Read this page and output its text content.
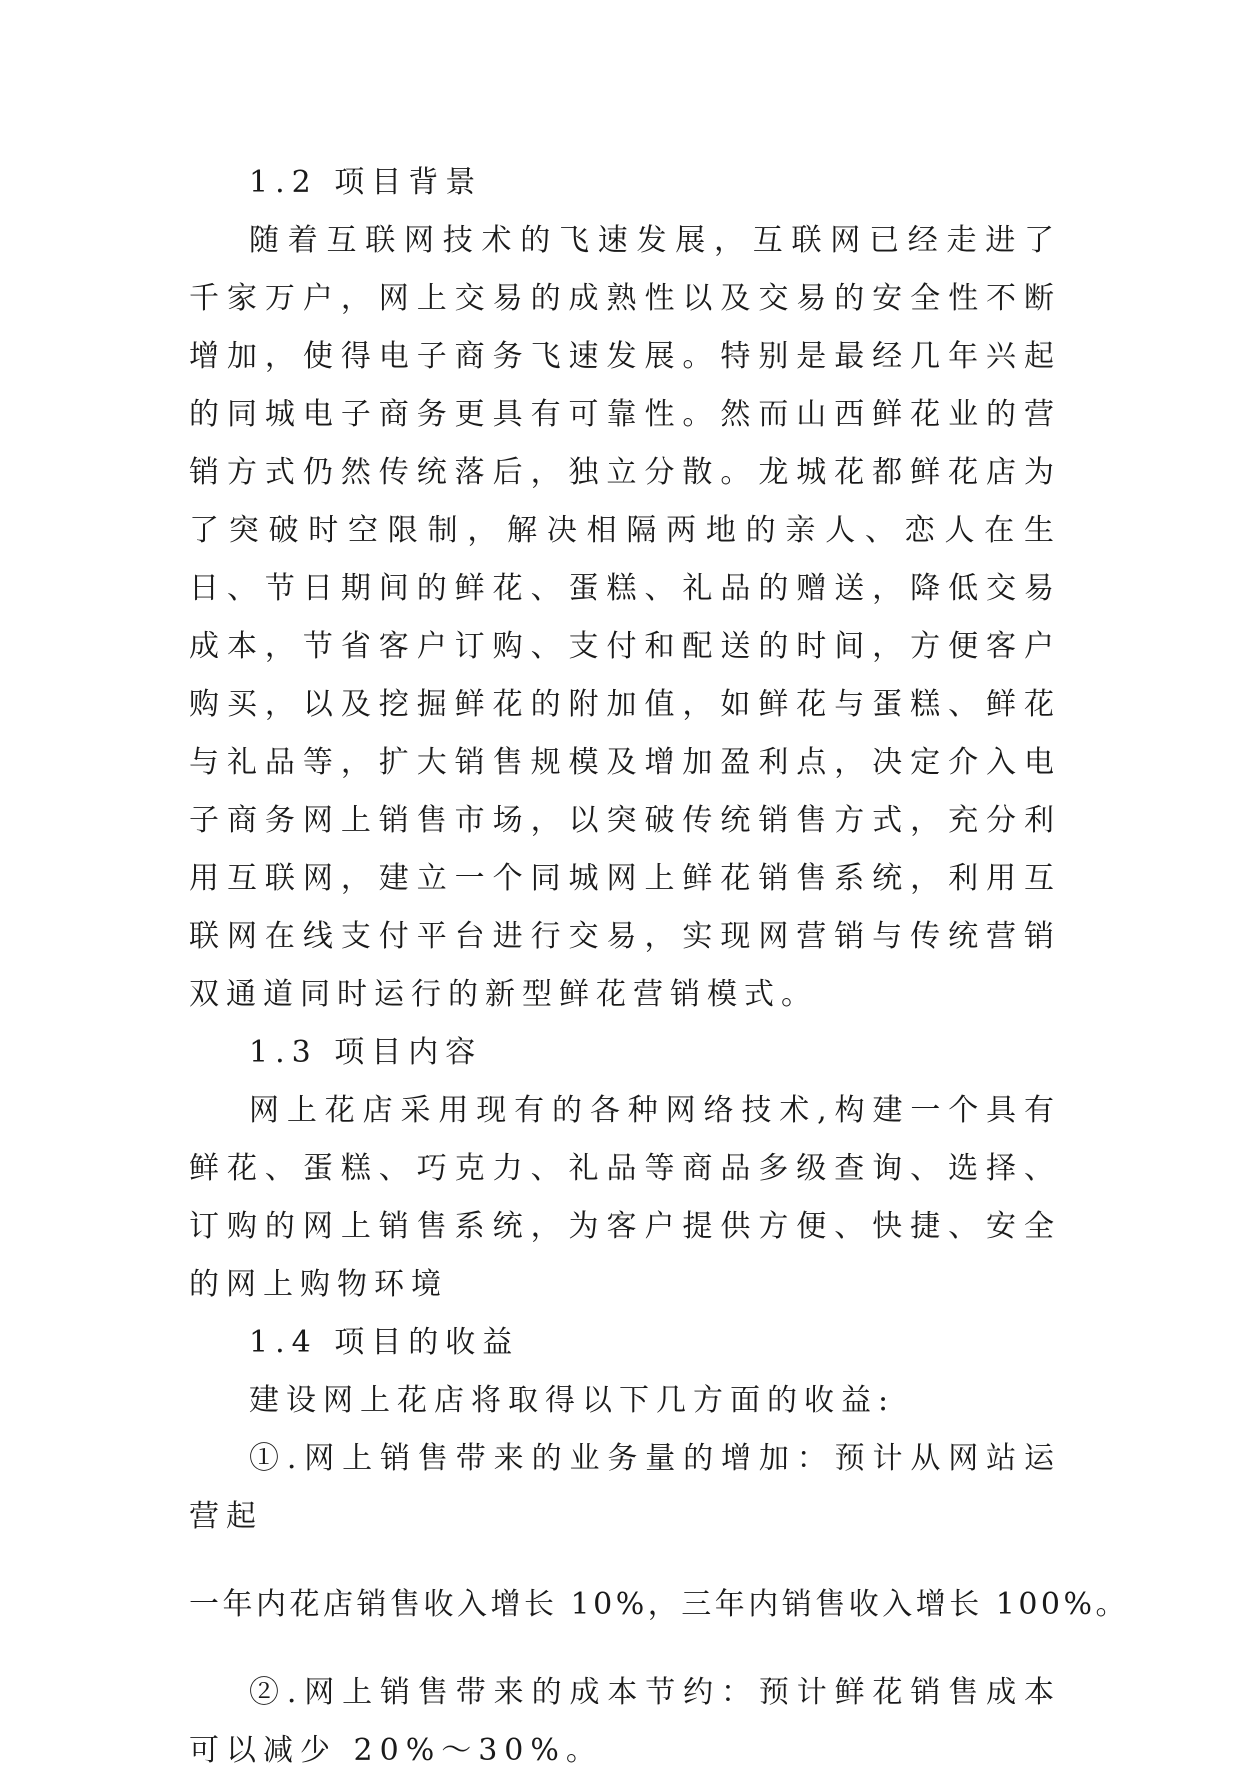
1.2 项目背景

随着互联网技术的飞速发展，互联网已经走进了千家万户，网上交易的成熟性以及交易的安全性不断增加，使得电子商务飞速发展。特别是最经几年兴起的同城电子商务更具有可靠性。然而山西鲜花业的营销方式仍然传统落后，独立分散。龙城花都鲜花店为了突破时空限制，解决相隔两地的亲人、恋人在生日、节日期间的鲜花、蛋糕、礼品的赠送，降低交易成本，节省客户订购、支付和配送的时间，方便客户购买，以及挖掘鲜花的附加值，如鲜花与蛋糕、鲜花与礼品等，扩大销售规模及增加盈利点，决定介入电子商务网上销售市场，以突破传统销售方式，充分利用互联网，建立一个同城网上鲜花销售系统，利用互联网在线支付平台进行交易，实现网营销与传统营销双通道同时运行的新型鲜花营销模式。

1.3 项目内容

网上花店采用现有的各种网络技术,构建一个具有鲜花、蛋糕、巧克力、礼品等商品多级查询、选择、订购的网上销售系统，为客户提供方便、快捷、安全的网上购物环境

1.4 项目的收益

建设网上花店将取得以下几方面的收益:

①.网上销售带来的业务量的增加：预计从网站运营起

一年内花店销售收入增长 10%，三年内销售收入增长 100%。

②.网上销售带来的成本节约：预计鲜花销售成本可以减少 20%～30%。
